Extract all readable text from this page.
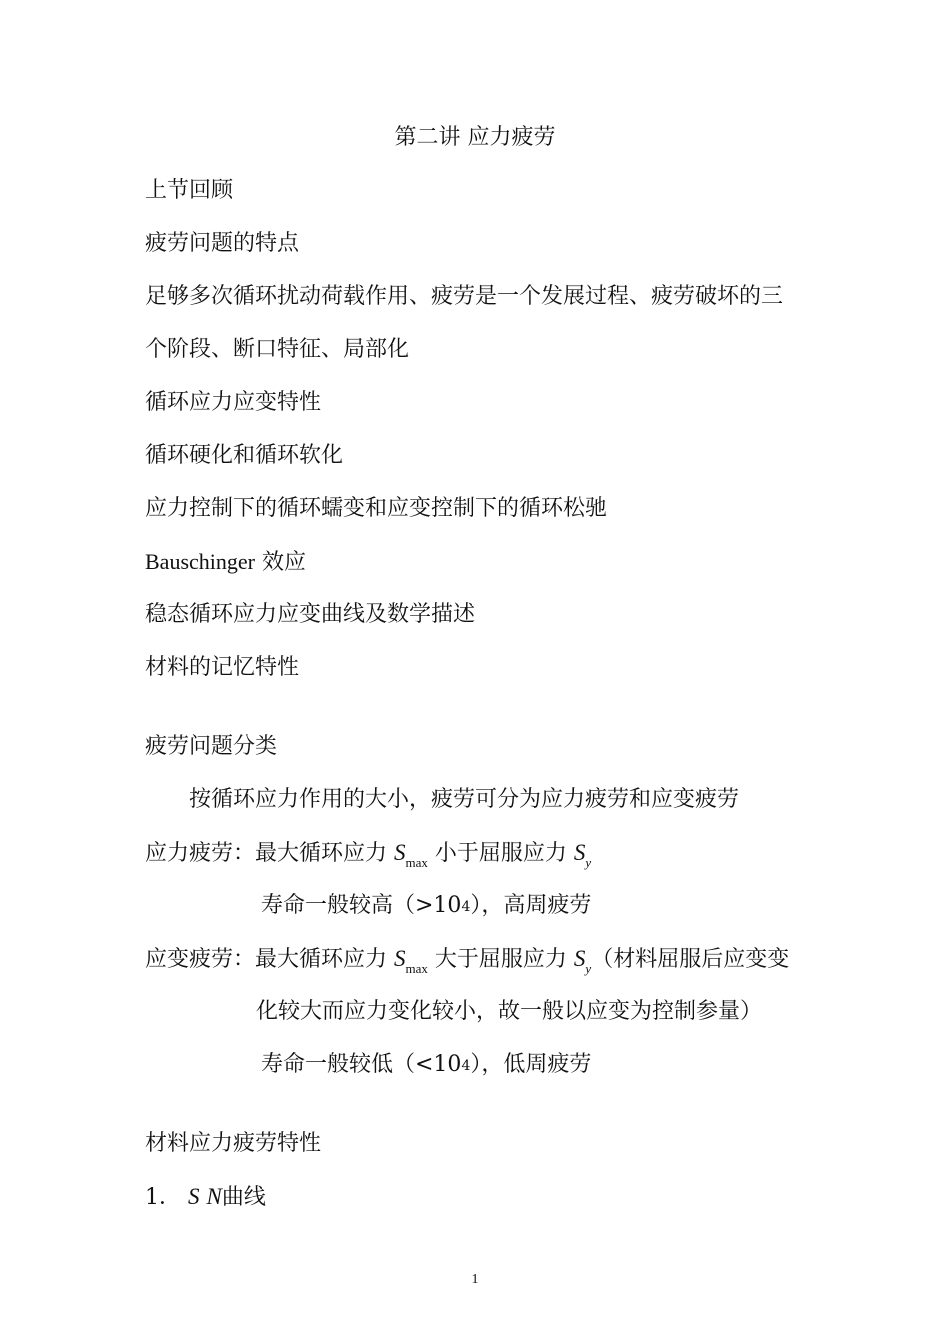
第二讲 应力疲劳
上节回顾
疲劳问题的特点
足够多次循环扰动荷载作用、疲劳是一个发展过程、疲劳破坏的三
个阶段、断口特征、局部化
循环应力应变特性
循环硬化和循环软化
应力控制下的循环蠕变和应变控制下的循环松驰
Bauschinger 效应
稳态循环应力应变曲线及数学描述
材料的记忆特性
疲劳问题分类
按循环应力作用的大小，疲劳可分为应力疲劳和应变疲劳
应力疲劳：最大循环应力 $S_{max}$ 小于屈服应力 $S_y$
寿命一般较高（>104），高周疲劳
应变疲劳：最大循环应力 $S_{max}$ 大于屈服应力 $S_y$（材料屈服后应变变
化较大而应力变化较小，故一般以应变为控制参量）
寿命一般较低（<104），低周疲劳
材料应力疲劳特性
1． S N曲线
1
